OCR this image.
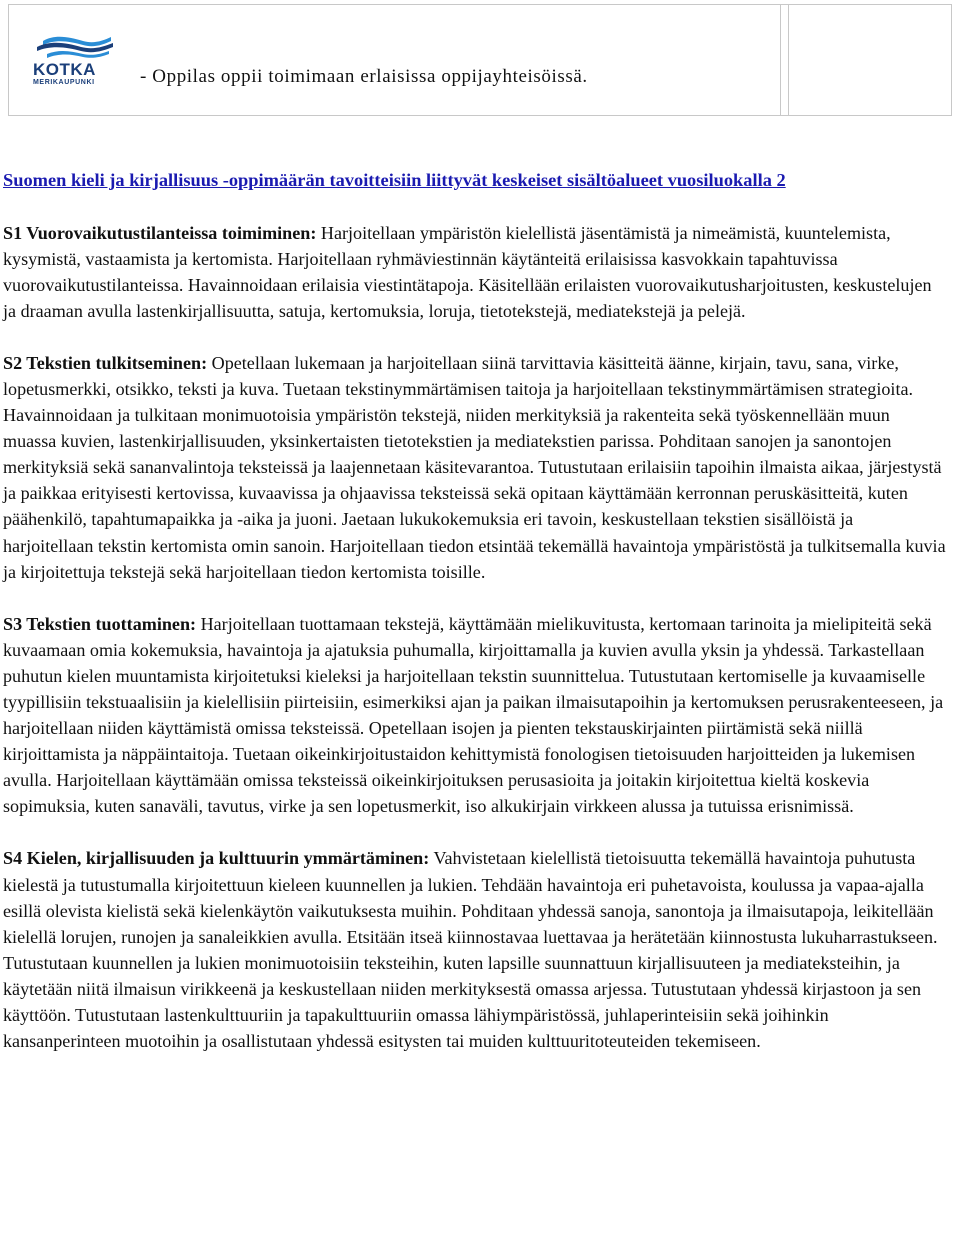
KOTKA
MERIKAUPUNKI	- Oppilas oppii toimimaan erlaisissa oppijayhteisöissä.

Suomen kieli ja kirjallisuus -oppimäärän tavoitteisiin liittyvät keskeiset sisältöalueet vuosiluokalla 2

S1 Vuorovaikutustilanteissa toimiminen: Harjoitellaan ympäristön kielellistä jäsentämistä ja nimeämistä, kuuntelemista, kysymistä, vastaamista ja kertomista. Harjoitellaan ryhmäviestinnän käytänteitä erilaisissa kasvokkain tapahtuvissa vuorovaikutustilanteissa. Havainnoidaan erilaisia viestintätapoja. Käsitellään erilaisten vuorovaikutusharjoitusten, keskustelujen ja draaman avulla lastenkirjallisuutta, satuja, kertomuksia, loruja, tietotekstejä, mediatekstejä ja pelejä.

S2 Tekstien tulkitseminen: Opetellaan lukemaan ja harjoitellaan siinä tarvittavia käsitteitä äänne, kirjain, tavu, sana, virke, lopetusmerkki, otsikko, teksti ja kuva. Tuetaan tekstinymmärtämisen taitoja ja harjoitellaan tekstinymmärtämisen strategioita. Havainnoidaan ja tulkitaan monimuotoisia ympäristön tekstejä, niiden merkityksiä ja rakenteita sekä työskennellään muun muassa kuvien, lastenkirjallisuuden, yksinkertaisten tietotekstien ja mediatekstien parissa. Pohditaan sanojen ja sanontojen merkityksiä sekä sananvalintoja teksteissä ja laajennetaan käsitevarantoa. Tutustutaan erilaisiin tapoihin ilmaista aikaa, järjestystä ja paikkaa erityisesti kertovissa, kuvaavissa ja ohjaavissa teksteissä sekä opitaan käyttämään kerronnan peruskäsitteitä, kuten päähenkilö, tapahtumapaikka ja -aika ja juoni. Jaetaan lukukokemuksia eri tavoin, keskustellaan tekstien sisällöistä ja harjoitellaan tekstin kertomista omin sanoin. Harjoitellaan tiedon etsintää tekemällä havaintoja ympäristöstä ja tulkitsemalla kuvia ja kirjoitettuja tekstejä sekä harjoitellaan tiedon kertomista toisille.

S3 Tekstien tuottaminen: Harjoitellaan tuottamaan tekstejä, käyttämään mielikuvitusta, kertomaan tarinoita ja mielipiteitä sekä kuvaamaan omia kokemuksia, havaintoja ja ajatuksia puhumalla, kirjoittamalla ja kuvien avulla yksin ja yhdessä. Tarkastellaan puhutun kielen muuntamista kirjoitetuksi kieleksi ja harjoitellaan tekstin suunnittelua. Tutustutaan kertomiselle ja kuvaamiselle tyypillisiin tekstuaalisiin ja kielellisiin piirteisiin, esimerkiksi ajan ja paikan ilmaisutapoihin ja kertomuksen perusrakenteeseen, ja harjoitellaan niiden käyttämistä omissa teksteissä. Opetellaan isojen ja pienten tekstauskirjainten piirtämistä sekä niillä kirjoittamista ja näppäintaitoja. Tuetaan oikeinkirjoitustaidon kehittymistä fonologisen tietoisuuden harjoitteiden ja lukemisen avulla. Harjoitellaan käyttämään omissa teksteissä oikeinkirjoituksen perusasioita ja joitakin kirjoitettua kieltä koskevia sopimuksia, kuten sanaväli, tavutus, virke ja sen lopetusmerkit, iso alkukirjain virkkeen alussa ja tutuissa erisnimissä.

S4 Kielen, kirjallisuuden ja kulttuurin ymmärtäminen: Vahvistetaan kielellistä tietoisuutta tekemällä havaintoja puhutusta kielestä ja tutustumalla kirjoitettuun kieleen kuunnellen ja lukien. Tehdään havaintoja eri puhetavoista, koulussa ja vapaa-ajalla esillä olevista kielistä sekä kielenkäytön vaikutuksesta muihin. Pohditaan yhdessä sanoja, sanontoja ja ilmaisutapoja, leikitellään kielellä lorujen, runojen ja sanaleikkien avulla. Etsitään itseä kiinnostavaa luettavaa ja herätetään kiinnostusta lukuharrastukseen. Tutustutaan kuunnellen ja lukien monimuotoisiin teksteihin, kuten lapsille suunnattuun kirjallisuuteen ja mediateksteihin, ja käytetään niitä ilmaisun virikkeenä ja keskustellaan niiden merkityksestä omassa arjessa. Tutustutaan yhdessä kirjastoon ja sen käyttöön. Tutustutaan lastenkulttuuriin ja tapakulttuuriin omassa lähiympäristössä, juhlaperinteisiin sekä joihinkin kansanperinteen muotoihin ja osallistutaan yhdessä esitysten tai muiden kulttuuritoteuteiden tekemiseen.
